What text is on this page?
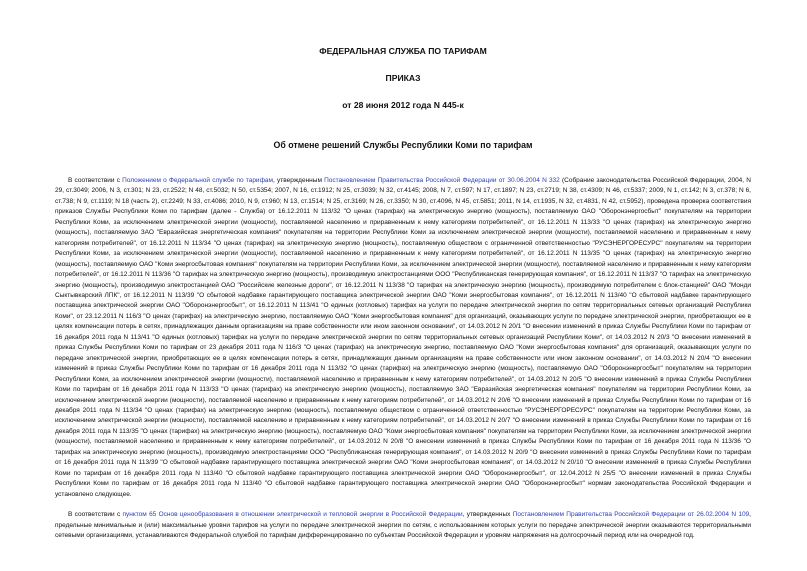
ФЕДЕРАЛЬНАЯ СЛУЖБА ПО ТАРИФАМ

ПРИКАЗ

от 28 июня 2012 года N 445-к

Об отмене решений Службы Республики Коми по тарифам

В соответствии с Положением о Федеральной службе по тарифам, утвержденным Постановлением Правительства Российской Федерации от 30.06.2004 N 332 (Собрание законодательства Российской Федерации, 2004, N 29, ст.3049; 2006, N 3, ст.301; N 23, ст.2522; N 48, ст.5032; N 50, ст.5354; 2007, N 16, ст.1912; N 25, ст.3039; N 32, ст.4145; 2008, N 7, ст.597; N 17, ст.1897; N 23, ст.2719; N 38, ст.4309; N 46, ст.5337; 2009, N 1, ст.142; N 3, ст.378; N 6, ст.738; N 9, ст.1119; N 18 (часть 2), ст.2249; N 33, ст.4086; 2010, N 9, ст.960; N 13, ст.1514; N 25, ст.3169; N 26, ст.3350; N 30, ст.4096, N 45, ст.5851; 2011, N 14, ст.1935, N 32, ст.4831, N 42, ст.5952), проведена проверка соответствия приказов Службы Республики Коми по тарифам (далее - Служба) от 16.12.2011 N 113/32 "О ценах (тарифах) на электрическую энергию (мощность), поставляемую ОАО "Оборонэнергосбыт" покупателям на территории Республики Коми, за исключением электрической энергии (мощности), поставляемой населению и приравненным к нему категориям потребителей", от 16.12.2011 N 113/33 "О ценах (тарифах) на электрическую энергию (мощность), поставляемую ЗАО "Евразийская энергетическая компания" покупателям на территории Республики Коми за исключением электрической энергии (мощности), поставляемой населению и приравненным к нему категориям потребителей", от 16.12.2011 N 113/34 "О ценах (тарифах) на электрическую энергию (мощность), поставляемую обществом с ограниченной ответственностью "РУСЭНЕРГОРЕСУРС" покупателям на территории Республики Коми, за исключением электрической энергии (мощности), поставляемой населению и приравненным к нему категориям потребителей", от 16.12.2011 N 113/35 "О ценах (тарифах) на электрическую энергию (мощность), поставляемую ОАО "Коми энергосбытовая компания" покупателям на территории Республики Коми, за исключением электрической энергии (мощности), поставляемой населению и приравненным к нему категориям потребителей", от 16.12.2011 N 113/36 "О тарифах на электрическую энергию (мощность), производимую электростанциями ООО "Республиканская генерирующая компания", от 16.12.2011 N 113/37 "О тарифах на электрическую энергию (мощность), производимую электростанцией ОАО "Российские железные дороги", от 16.12.2011 N 113/38 "О тарифах на электрическую энергию (мощность), производимую потребителем с блок-станцией" ОАО "Монди Сыктывкарский ЛПК", от 16.12.2011 N 113/39 "О сбытовой надбавке гарантирующего поставщика электрической энергии ОАО "Коми энергосбытовая компания", от 16.12.2011 N 113/40 "О сбытовой надбавке гарантирующего поставщика электрической энергии ОАО "Оборонэнергосбыт", от 16.12.2011 N 113/41 "О единых (котловых) тарифах на услуги по передаче электрической энергии по сетям территориальных сетевых организаций Республики Коми", от 23.12.2011 N 116/3 "О ценах (тарифах) на электрическую энергию, поставляемую ОАО "Коми энергосбытовая компания" для организаций, оказывающих услуги по передаче электрической энергии, приобретающих ее в целях компенсации потерь в сетях, принадлежащих данным организациям на праве собственности или ином законном основании", от 14.03.2012 N 20/1 "О внесении изменений в приказ Службы Республики Коми по тарифам от 16 декабря 2011 года N 113/41 "О единых (котловых) тарифах на услуги по передаче электрической энергии по сетям территориальных сетевых организаций Республики Коми", от 14.03.2012 N 20/3 "О внесении изменений в приказ Службы Республики Коми по тарифам от 23 декабря 2011 года N 116/3 "О ценах (тарифах) на электрическую энергию, поставляемую ОАО "Коми энергосбытовая компания" для организаций, оказывающих услуги по передаче электрической энергии, приобретающих ее в целях компенсации потерь в сетях, принадлежащих данным организациям на праве собственности или ином законном основании", от 14.03.2012 N 20/4 "О внесении изменений в приказ Службы Республики Коми по тарифам от 16 декабря 2011 года N 113/32 "О ценах (тарифах) на электрическую энергию (мощность), поставляемую ОАО "Оборонэнергосбыт" покупателям на территории Республики Коми, за исключением электрической энергии (мощности), поставляемой населению и приравненным к нему категориям потребителей", от 14.03.2012 N 20/5 "О внесении изменений в приказ Службы Республики Коми по тарифам от 16 декабря 2011 года N 113/33 "О ценах (тарифах) на электрическую энергию (мощность), поставляемую ЗАО "Евразийская энергетическая компания" покупателям на территории Республики Коми, за исключением электрической энергии (мощности), поставляемой населению и приравненным к нему категориям потребителей", от 14.03.2012 N 20/6 "О внесении изменений в приказ Службы Республики Коми по тарифам от 16 декабря 2011 года N 113/34 "О ценах (тарифах) на электрическую энергию (мощность), поставляемую обществом с ограниченной ответственностью "РУСЭНЕРГОРЕСУРС" покупателям на территории Республики Коми, за исключением электрической энергии (мощности), поставляемой населению и приравненным к нему категориям потребителей", от 14.03.2012 N 20/7 "О внесении изменений в приказ Службы Республики Коми по тарифам от 16 декабря 2011 года N 113/35 "О ценах (тарифах) на электрическую энергию (мощность), поставляемую ОАО "Коми энергосбытовая компания" покупателям на территории Республики Коми, за исключением электрической энергии (мощности), поставляемой населению и приравненным к нему категориям потребителей", от 14.03.2012 N 20/8 "О внесении изменений в приказ Службы Республики Коми по тарифам от 16 декабря 2011 года N 113/36 "О тарифах на электрическую энергию (мощность), производимую электростанциями ООО "Республиканская генерирующая компания", от 14.03.2012 N 20/9 "О внесении изменений в приказ Службы Республики Коми по тарифам от 16 декабря 2011 года N 113/39 "О сбытовой надбавке гарантирующего поставщика электрической энергии ОАО "Коми энергосбытовая компания", от 14.03.2012 N 20/10 "О внесении изменений в приказ Службы Республики Коми по тарифам от 16 декабря 2011 года N 113/40 "О сбытовой надбавке гарантирующего поставщика электрической энергии ОАО "Оборонэнергосбыт", от 12.04.2012 N 25/5 "О внесении изменений в приказ Службы Республики Коми по тарифам от 16 декабря 2011 года N 113/40 "О сбытовой надбавке гарантирующего поставщика электрической энергии ОАО "Оборонэнергосбыт" нормам законодательства Российской Федерации и установлено следующее.

В соответствии с пунктом 65 Основ ценообразования в отношении электрической и тепловой энергии в Российской Федерации, утвержденных Постановлением Правительства Российской Федерации от 26.02.2004 N 109, предельные минимальные и (или) максимальные уровни тарифов на услуги по передаче электрической энергии по сетям, с использованием которых услуги по передаче электрической энергии оказываются территориальными сетевыми организациями, устанавливаются Федеральной службой по тарифам дифференцированно по субъектам Российской Федерации и уровням напряжения на долгосрочный период или на очередной год.
